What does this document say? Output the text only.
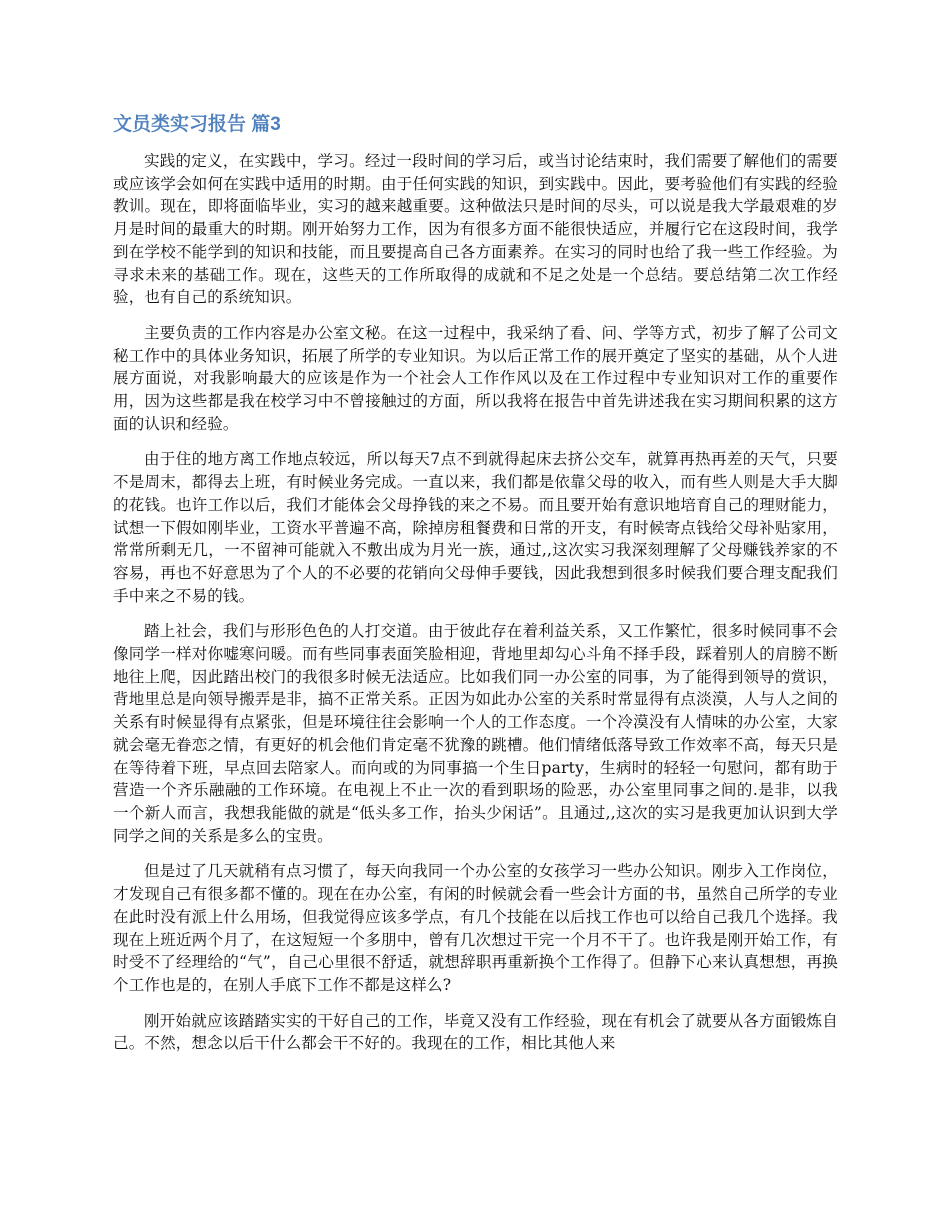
文员类实习报告 篇3

实践的定义，在实践中，学习。经过一段时间的学习后，或当讨论结束时，我们需要了解他们的需要或应该学会如何在实践中适用的时期。由于任何实践的知识，到实践中。因此，要考验他们有实践的经验教训。现在，即将面临毕业，实习的越来越重要。这种做法只是时间的尽头，可以说是我大学最艰难的岁月是时间的最重大的时期。刚开始努力工作，因为有很多方面不能很快适应，并履行它在这段时间，我学到在学校不能学到的知识和技能，而且要提高自己各方面素养。在实习的同时也给了我一些工作经验。为寻求未来的基础工作。现在，这些天的工作所取得的成就和不足之处是一个总结。要总结第二次工作经验，也有自己的系统知识。

主要负责的工作内容是办公室文秘。在这一过程中，我采纳了看、问、学等方式，初步了解了公司文秘工作中的具体业务知识，拓展了所学的专业知识。为以后正常工作的展开奠定了坚实的基础，从个人进展方面说，对我影响最大的应该是作为一个社会人工作作风以及在工作过程中专业知识对工作的重要作用，因为这些都是我在校学习中不曾接触过的方面，所以我将在报告中首先讲述我在实习期间积累的这方面的认识和经验。

由于住的地方离工作地点较远，所以每天7点不到就得起床去挤公交车，就算再热再差的天气，只要不是周末，都得去上班，有时候业务完成。一直以来，我们都是依靠父母的收入，而有些人则是大手大脚的花钱。也许工作以后，我们才能体会父母挣钱的来之不易。而且要开始有意识地培育自己的理财能力，试想一下假如刚毕业，工资水平普遍不高，除掉房租餐费和日常的开支，有时候寄点钱给父母补贴家用，常常所剩无几，一不留神可能就入不敷出成为月光一族，通过,,这次实习我深刻理解了父母赚钱养家的不容易，再也不好意思为了个人的不必要的花销向父母伸手要钱，因此我想到很多时候我们要合理支配我们手中来之不易的钱。

踏上社会，我们与形形色色的人打交道。由于彼此存在着利益关系，又工作繁忙，很多时候同事不会像同学一样对你嘘寒问暖。而有些同事表面笑脸相迎，背地里却勾心斗角不择手段，踩着别人的肩膀不断地往上爬，因此踏出校门的我很多时候无法适应。比如我们同一办公室的同事，为了能得到领导的赏识，背地里总是向领导搬弄是非，搞不正常关系。正因为如此办公室的关系时常显得有点淡漠，人与人之间的关系有时候显得有点紧张，但是环境往往会影响一个人的工作态度。一个冷漠没有人情味的办公室，大家就会毫无眷恋之情，有更好的机会他们肯定毫不犹豫的跳槽。他们情绪低落导致工作效率不高，每天只是在等待着下班，早点回去陪家人。而向或的为同事搞一个生日party，生病时的轻轻一句慰问，都有助于营造一个齐乐融融的工作环境。在电视上不止一次的看到职场的险恶，办公室里同事之间的.是非，以我一个新人而言，我想我能做的就是“低头多工作，抬头少闲话”。且通过,,这次的实习是我更加认识到大学同学之间的关系是多么的宝贵。

但是过了几天就稍有点习惯了，每天向我同一个办公室的女孩学习一些办公知识。刚步入工作岗位，才发现自己有很多都不懂的。现在在办公室，有闲的时候就会看一些会计方面的书，虽然自己所学的专业在此时没有派上什么用场，但我觉得应该多学点，有几个技能在以后找工作也可以给自己我几个选择。我现在上班近两个月了，在这短短一个多朋中，曾有几次想过干完一个月不干了。也许我是刚开始工作，有时受不了经理给的“气”，自己心里很不舒适，就想辞职再重新换个工作得了。但静下心来认真想想，再换个工作也是的，在别人手底下工作不都是这样么?

刚开始就应该踏踏实实的干好自己的工作，毕竟又没有工作经验，现在有机会了就要从各方面锻炼自己。不然，想念以后干什么都会干不好的。我现在的工作，相比其他人来
